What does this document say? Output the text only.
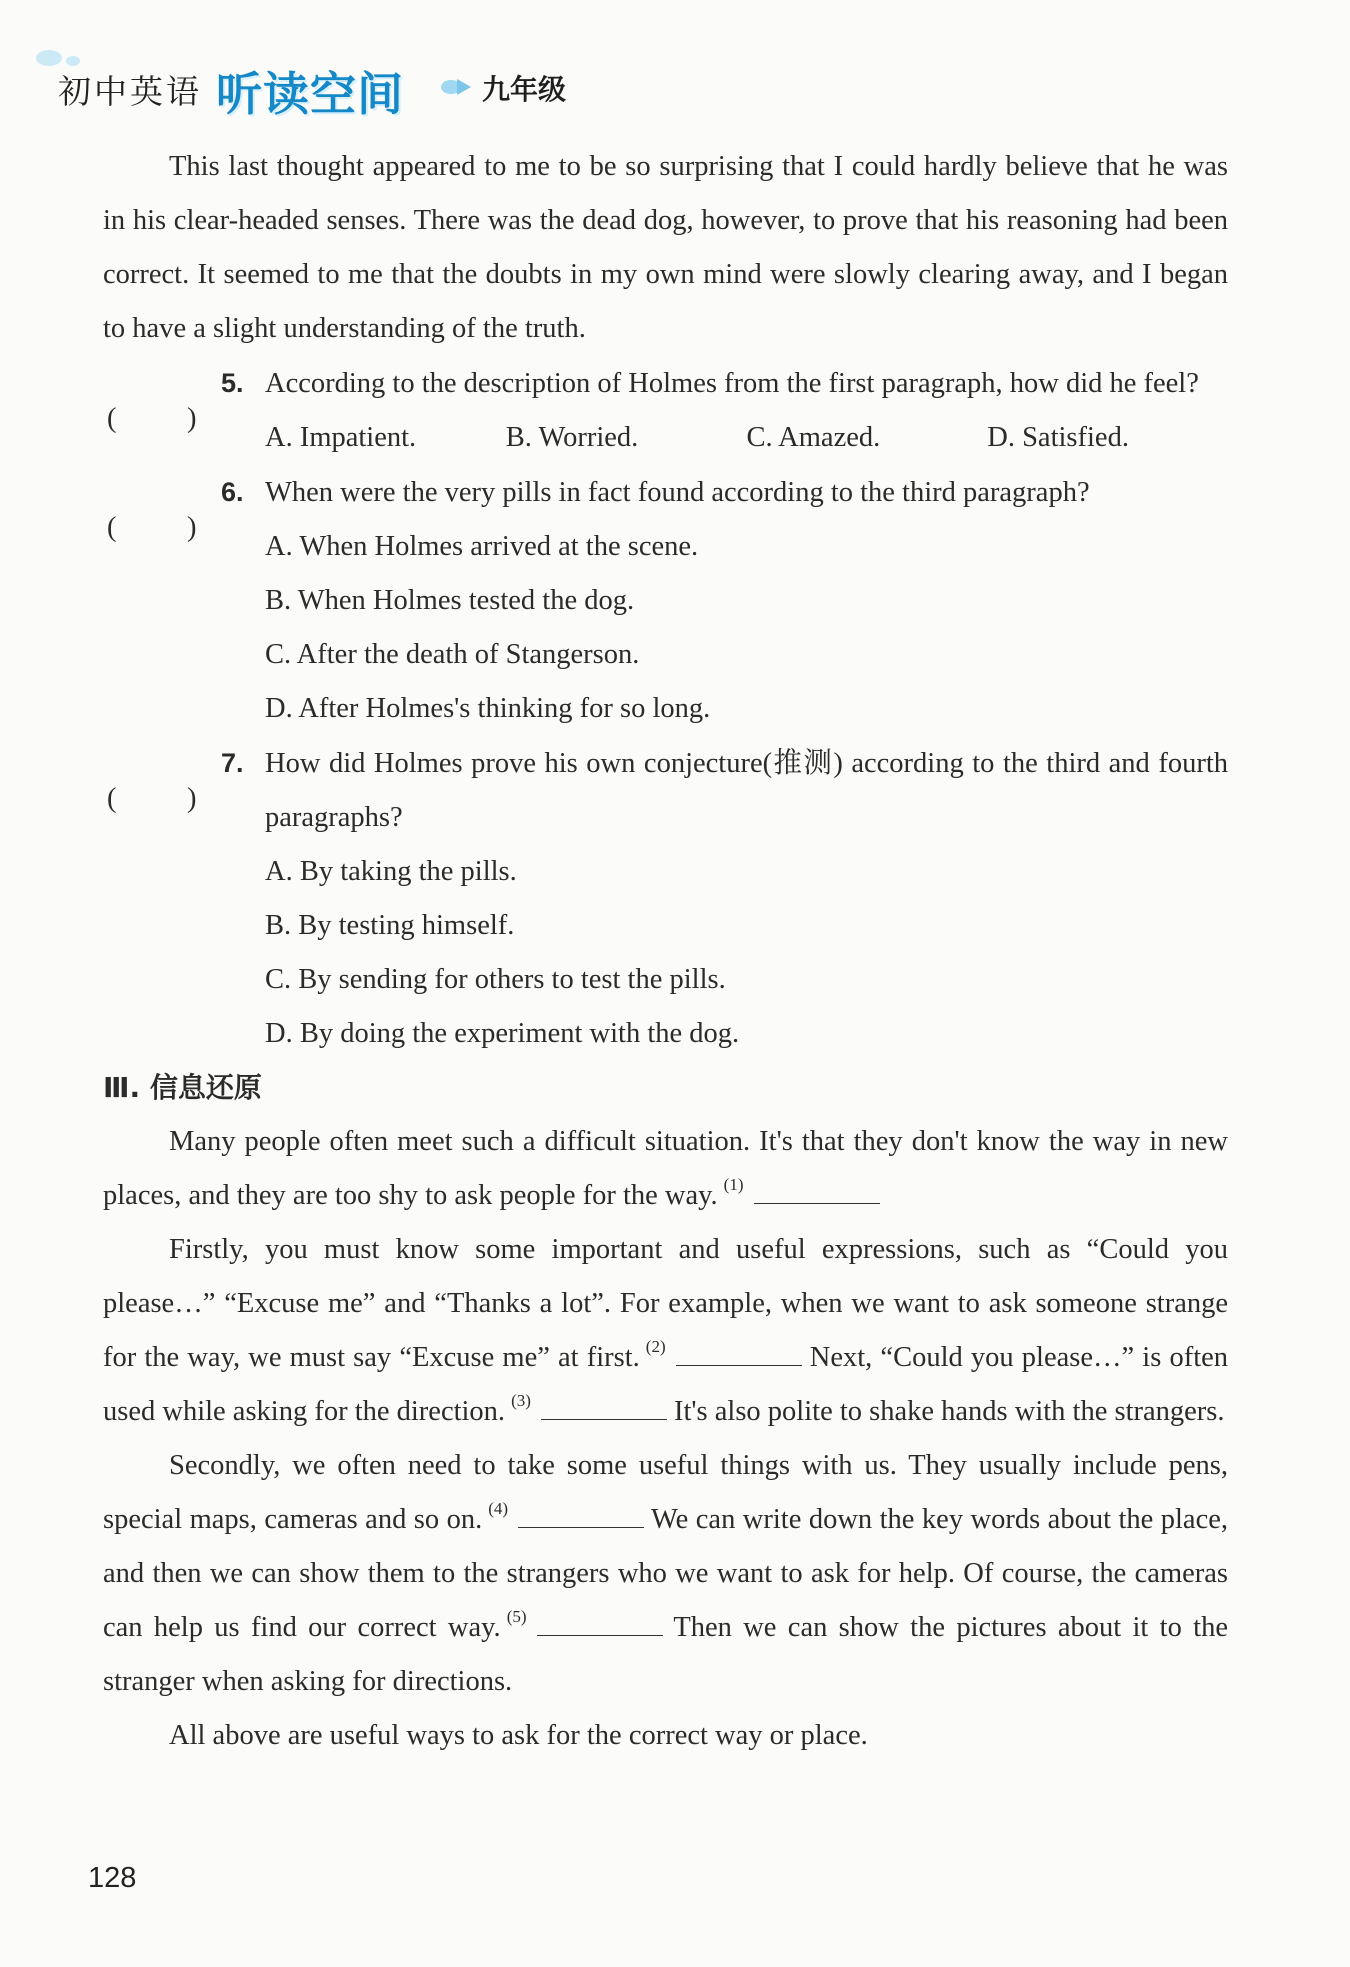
初中英语 听读空间	九年级

This last thought appeared to me to be so surprising that I could hardly believe that he was in his clear-headed senses. There was the dead dog, however, to prove that his reasoning had been correct. It seemed to me that the doubts in my own mind were slowly clearing away, and I began to have a slight understanding of the truth.

( )
5. According to the description of Holmes from the first paragraph, how did he feel?
A. Impatient.	B. Worried.	C. Amazed.	D. Satisfied.
( )
6. When were the very pills in fact found according to the third paragraph?

A. When Holmes arrived at the scene.

B. When Holmes tested the dog.

C. After the death of Stangerson.

D. After Holmes's thinking for so long.

( )
7. How did Holmes prove his own conjecture(推测) according to the third and fourth paragraphs?

A. By taking the pills.

B. By testing himself.

C. By sending for others to test the pills.

D. By doing the experiment with the dog.

Ⅲ. 信息还原

Many people often meet such a difficult situation. It's that they don't know the way in new places, and they are too shy to ask people for the way. $^{(1)}$

Firstly, you must know some important and useful expressions, such as “Could you please…” “Excuse me” and “Thanks a lot”. For example, when we want to ask someone strange for the way, we must say “Excuse me” at first. $^{(2)}$	Next, “Could you please…” is often used while asking for the direction. $^{(3)}$	It's also polite to shake hands with the strangers.

Secondly, we often need to take some useful things with us. They usually include pens, special maps, cameras and so on. $^{(4)}$	We can write down the key words about the place, and then we can show them to the strangers who we want to ask for help. Of course, the cameras can help us find our correct way. $^{(5)}$	Then we can show the pictures about it to the stranger when asking for directions.

All above are useful ways to ask for the correct way or place.

128
